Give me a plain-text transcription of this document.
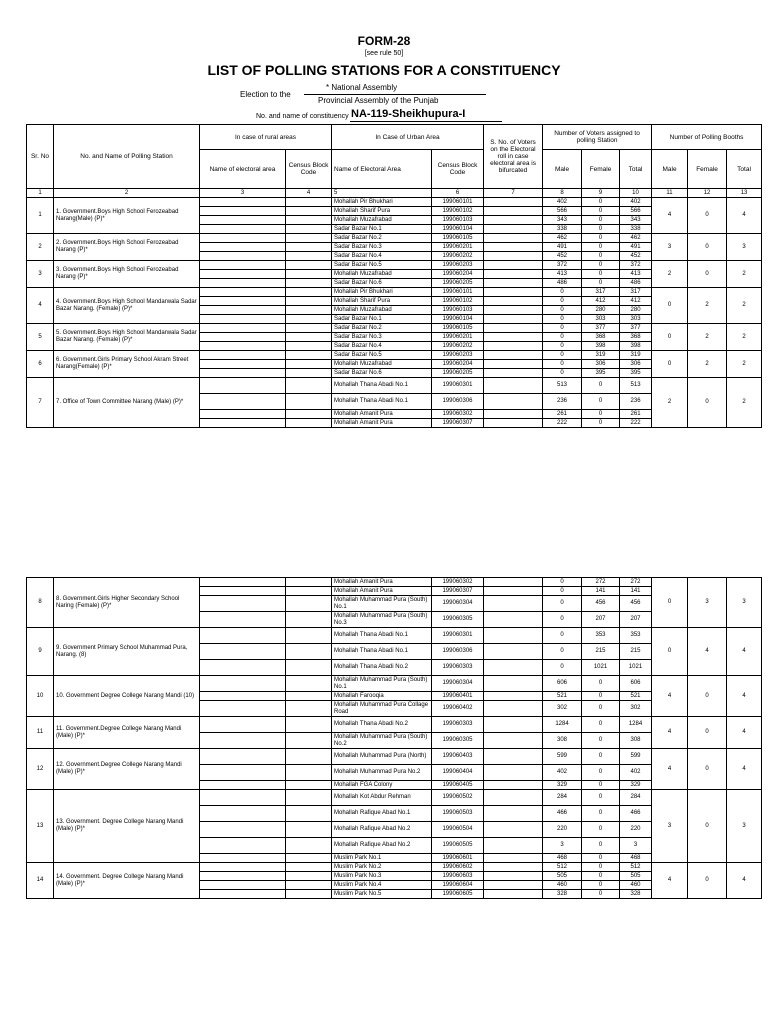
FORM-28
[see rule 50]
LIST OF POLLING STATIONS FOR A CONSTITUENCY
Election to the
* National Assembly
Provincial Assembly of the Punjab
No. and name of constituency NA-119-Sheikhupura-I
Sr. No	No. and Name of Polling Station	In case of rural areas		In Case of Urban Area		S. No. of Voters on the Electoral roll in case electoral area is bifurcated	Number of Voters assigned to polling Station			Number of Polling Booths		
		Name of electoral area	Census Block Code	Name of Electoral Area	Census Block Code		Male	Female	Total	Male	Female	Total
1	2	3	4	5	6	7	8	9	10	11	12	13
1	1. Government.Boys High School Ferozeabad Narang(Male) (P)*			Mohallah Pir Bhukhari	199060101		402	0	402	4	0	4
				Mohallah Sharif Pura	199060102		566	0	566			
				Mohallah Muzafrabad	199060103		343	0	343			
				Sadar Bazar No.1	199060104		338	0	338			
2	2. Government.Boys High School Ferozeabad Narang (P)*			Sadar Bazar No.2	199060105		462	0	462	3	0	3
				Sadar Bazar No.3	199060201		491	0	491			
				Sadar Bazar No.4	199060202		452	0	452			
3	3. Government.Boys High School Ferozeabad Narang (P)*			Sadar Bazar No.5	199060203		372	0	372	2	0	2
				Mohallah Muzafrabad	199060204		413	0	413			
				Sadar Bazar No.6	199060205		486	0	486			
4	4. Government.Boys High School Mandarwala Sadar Bazar Narang. (Female) (P)*			Mohallah Pir Bhukhari	199060101		0	317	317	0	2	2
				Mohallah Sharif Pura	199060102		0	412	412			
				Mohallah Muzafrabad	199060103		0	280	280			
				Sadar Bazar No.1	199060104		0	303	303			
5	5. Government.Boys High School Mandarwala Sadar Bazar Narang. (Female) (P)*			Sadar Bazar No.2	199060105		0	377	377	0	2	2
				Sadar Bazar No.3	199060201		0	368	368			
				Sadar Bazar No.4	199060202		0	398	398			
6	6. Government.Girls Primary School Akram Street Narang(Female) (P)*			Sadar Bazar No.5	199060203		0	319	319	0	2	2
				Mohallah Muzafrabad	199060204		0	306	306			
				Sadar Bazar No.6	199060205		0	395	395			
7	7. Office of Town Committee Narang (Male) (P)*			Mohallah Thana Abadi No.1	199060301		513	0	513	2	0	2
				Mohallah Thana Abadi No.1	199060306		236	0	236			
				Mohallah Amanit Pura	199060302		261	0	261			
				Mohallah Amanit Pura	199060307		222	0	222			
8	8. Government.Girls Higher Secondary School Naring (Female) (P)*			Mohallah Amanit Pura	199060302		0	272	272	0	3	3
				Mohallah Amanit Pura	199060307		0	141	141			
				Mohallah Muhammad Pura (South) No.1	199060304		0	456	456			
				Mohallah Muhammad Pura (South) No.3	199060305		0	207	207			
9	9. Government Primary School Muhammad Pura, Narang. (8)			Mohallah Thana Abadi No.1	199060301		0	353	353	0	4	4
				Mohallah Thana Abadi No.1	199060306		0	215	215			
				Mohallah Thana Abadi No.2	199060303		0	1021	1021			
10	10. Government Degree College Narang Mandi (10)			Mohallah Muhammad Pura (South) No.1	199060304		606	0	606	4	0	4
				Mohallah Farooqia	199060401		521	0	521			
				Mohallah Muhammad Pura Collage Road	199060402		302	0	302			
11	11. Government.Degree College Narang Mandi (Male) (P)*			Mohallah Thana Abadi No.2	199060303		1284	0	1284	4	0	4
				Mohallah Muhammad Pura (South) No.2	199060305		308	0	308			
12	12. Government.Degree College Narang Mandi (Male) (P)*			Mohallah Muhammad Pura (North)	199060403		599	0	599	4	0	4
				Mohallah Muhammad Pura No.2	199060404		402	0	402			
				Mohallah FGA Colony	199060405		329	0	329			
13	13. Government. Degree College Narang Mandi (Male) (P)*			Mohallah Kot Abdur Rehman	199060502		284	0	284	3	0	3
				Mohallah Rafique Abad No.1	199060503		466	0	466			
				Mohallah Rafique Abad No.2	199060504		220	0	220			
				Mohallah Rafique Abad No.2	199060505		3	0	3			
				Muslim Park No.1	199060601		468	0	468			
14	14. Government. Degree College Narang Mandi (Male) (P)*			Muslim Park No.2	199060602		512	0	512	4	0	4
				Muslim Park No.3	199060603		505	0	505			
				Muslim Park No.4	199060604		460	0	460			
				Muslim Park No.5	199060605		328	0	328			
